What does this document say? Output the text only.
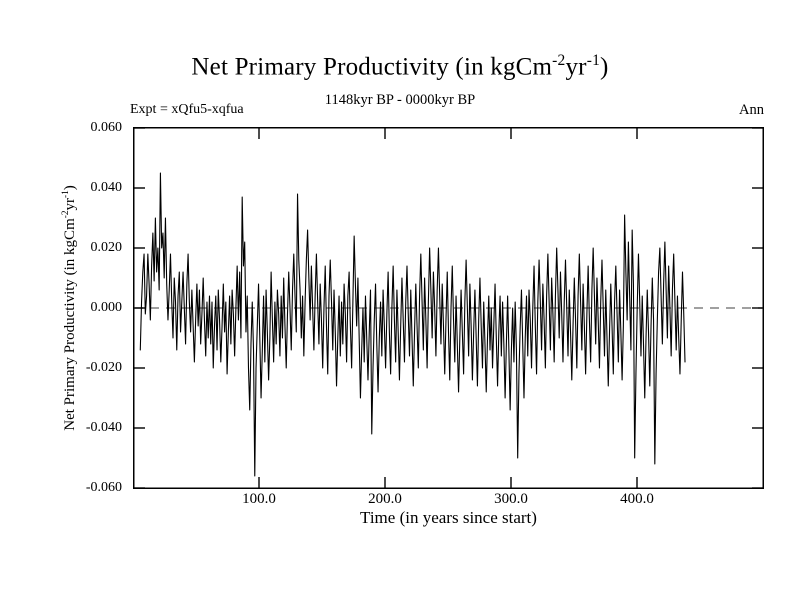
Net Primary Productivity (in $kgCm^{-2}yr^{-1}$)
1148kyr BP - 0000kyr BP
Expt = xQfu5-xqfua	Ann
Net Primary Productivity (in $kgCm^{-2}yr^{-1}$)
Time (in years since start)
0.060
0.040
0.020
0.000
-0.020
-0.040
-0.060
100.0	200.0	300.0	400.0
